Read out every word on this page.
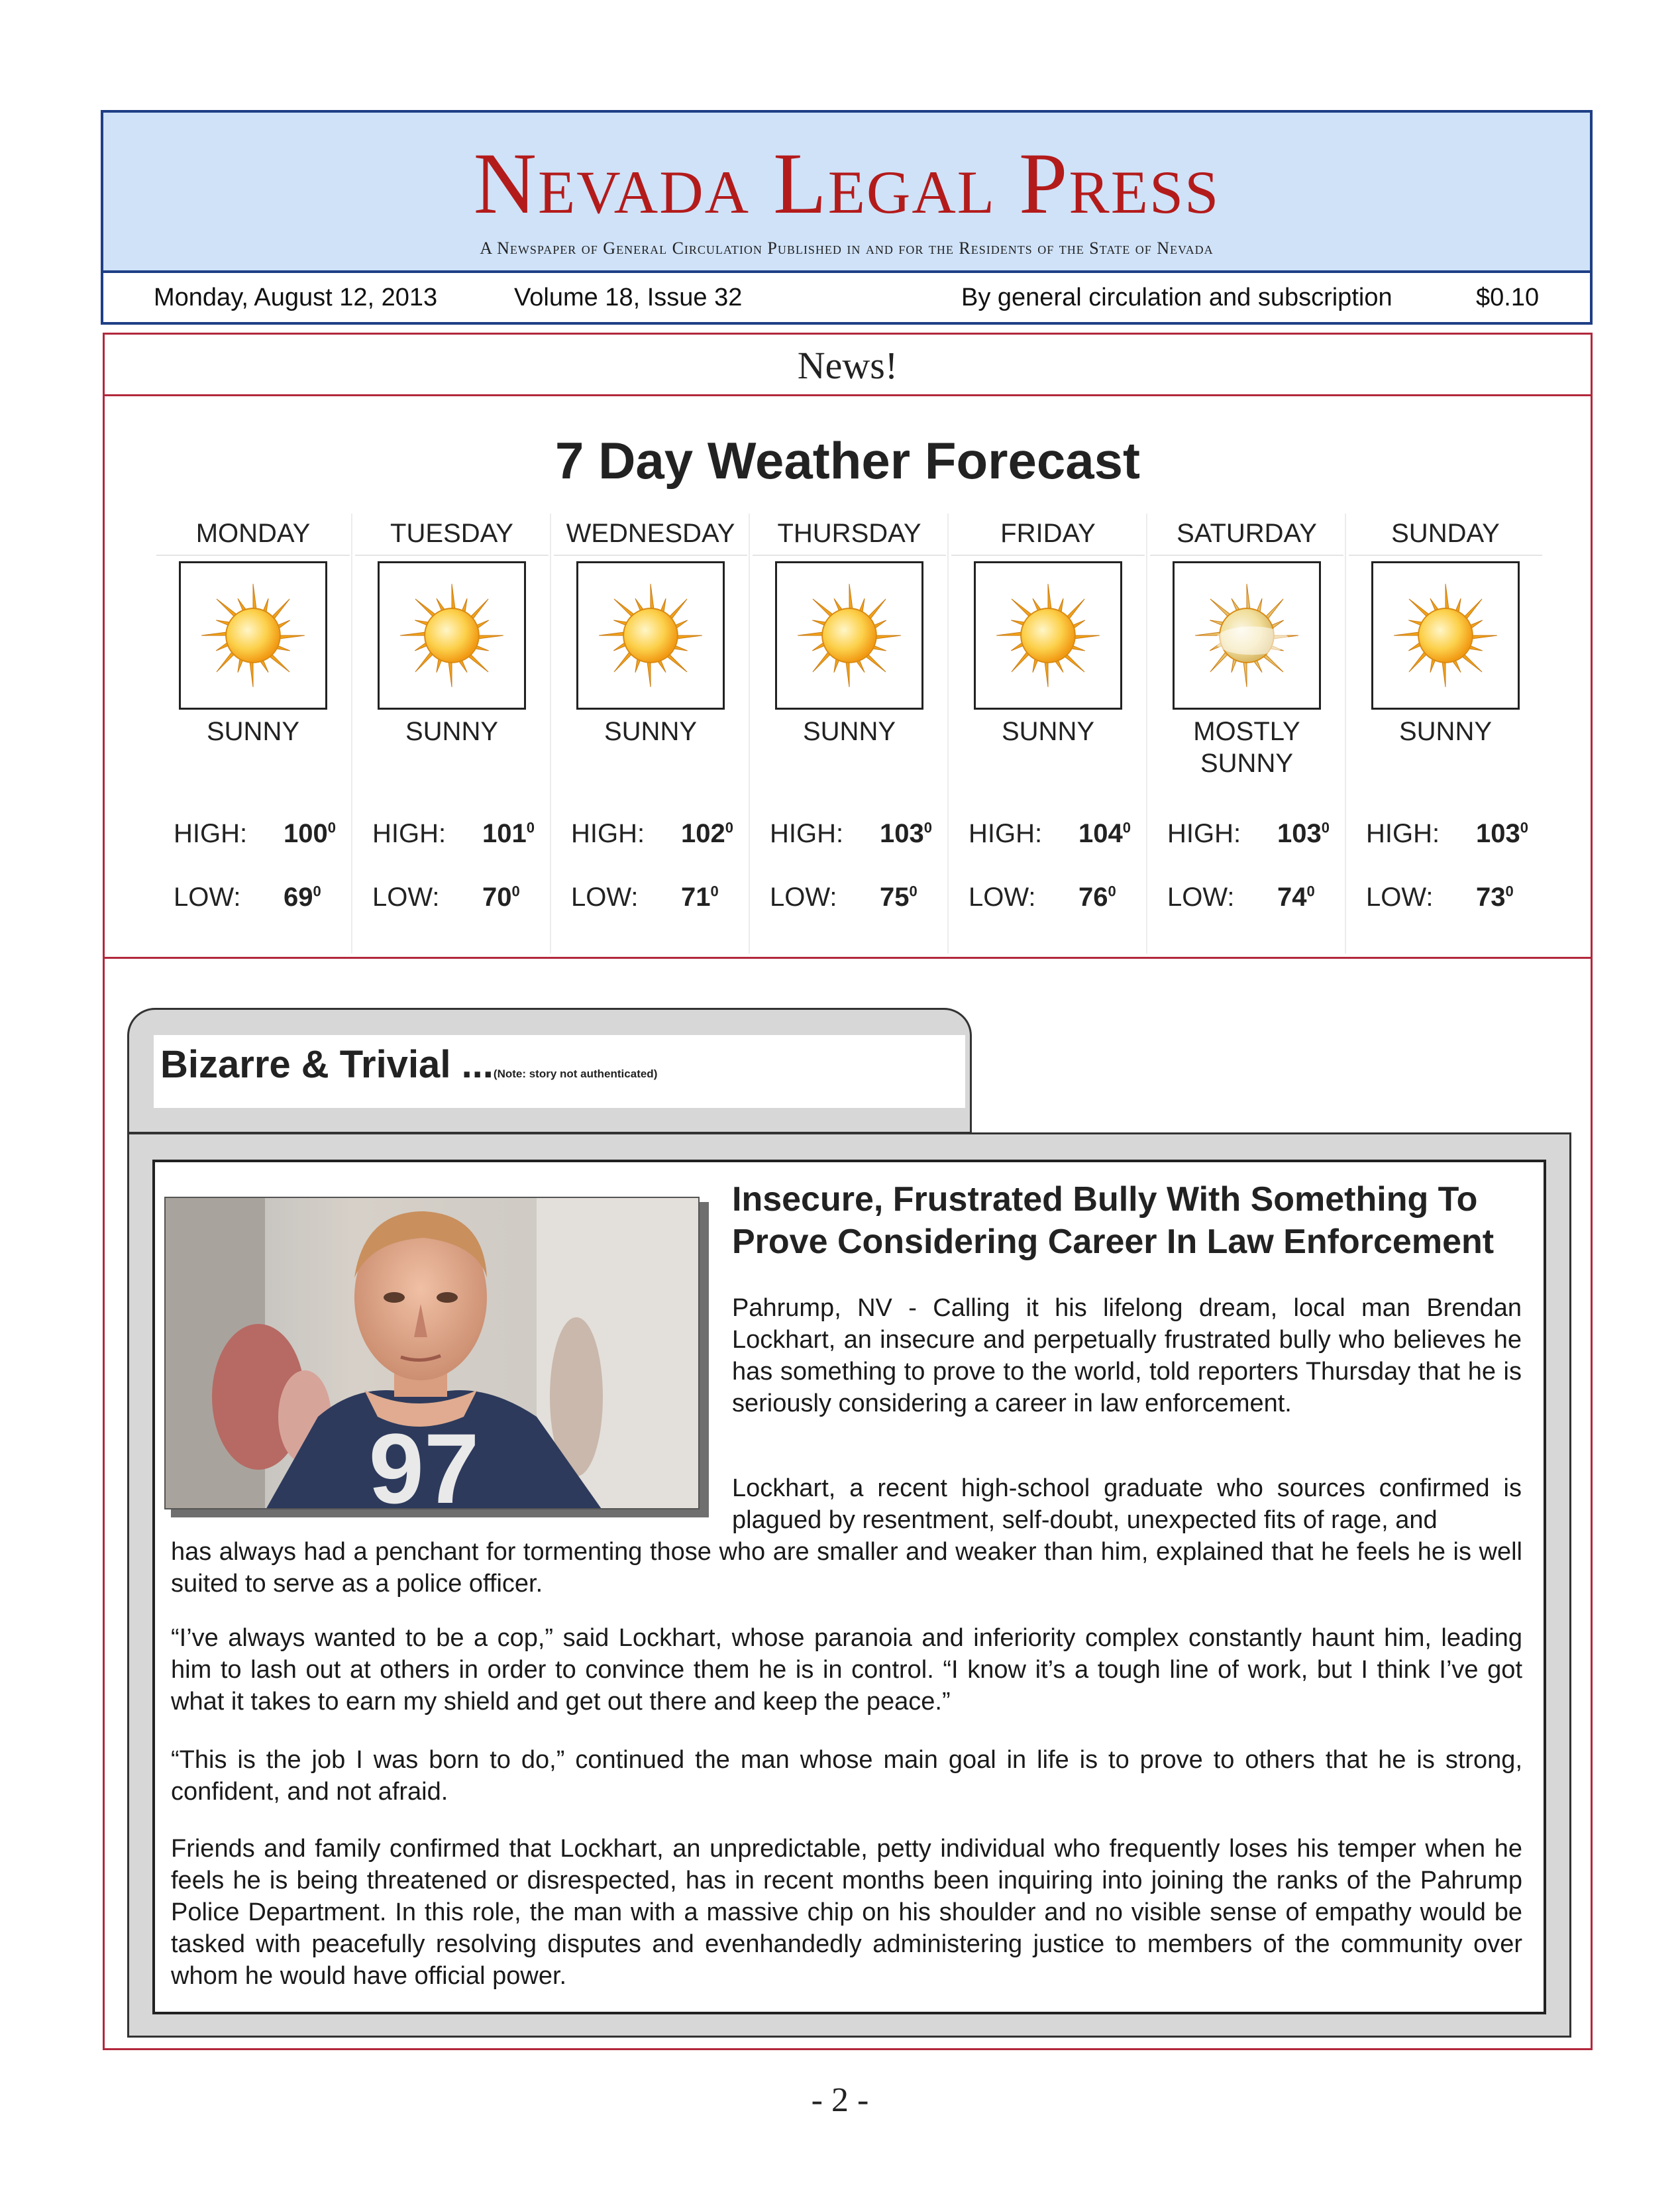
Nevada Legal Press
A Newspaper of General Circulation Published in and for the Residents of the State of Nevada
Monday, August 12, 2013	Volume 18, Issue 32	By general circulation and subscription	$0.10
News!
7 Day Weather Forecast
MONDAY
SUNNY
HIGH: $100^0$
LOW: $69^0$
TUESDAY
SUNNY
HIGH: $101^0$
LOW: $70^0$
WEDNESDAY
SUNNY
HIGH: $102^0$
LOW: $71^0$
THURSDAY
SUNNY
HIGH: $103^0$
LOW: $75^0$
FRIDAY
SUNNY
HIGH: $104^0$
LOW: $76^0$
SATURDAY
MOSTLY SUNNY
HIGH: $103^0$
LOW: $74^0$
SUNDAY
SUNNY
HIGH: $103^0$
LOW: $73^0$
Bizarre & Trivial ...(Note: story not authenticated)
97
Insecure, Frustrated Bully With Something To Prove Considering Career In Law Enforcement

Pahrump, NV - Calling it his lifelong dream, local man Brendan Lockhart, an insecure and perpetually frustrated bully who believes he has something to prove to the world, told reporters Thursday that he is seriously considering a career in law enforcement.

Lockhart, a recent high-school graduate who sources confirmed is plagued by resentment, self-doubt, unexpected fits of rage, and

has always had a penchant for tormenting those who are smaller and weaker than him, explained that he feels he is well suited to serve as a police officer.

“I’ve always wanted to be a cop,” said Lockhart, whose paranoia and inferiority complex constantly haunt him, leading him to lash out at others in order to convince them he is in control. “I know it’s a tough line of work, but I think I’ve got what it takes to earn my shield and get out there and keep the peace.”

“This is the job I was born to do,” continued the man whose main goal in life is to prove to others that he is strong, confident, and not afraid.

Friends and family confirmed that Lockhart, an unpredictable, petty individual who frequently loses his temper when he feels he is being threatened or disrespected, has in recent months been inquiring into joining the ranks of the Pahrump Police Department. In this role, the man with a massive chip on his shoulder and no visible sense of empathy would be tasked with peacefully resolving disputes and evenhandedly administering justice to members of the community over whom he would have official power.

- 2 -
